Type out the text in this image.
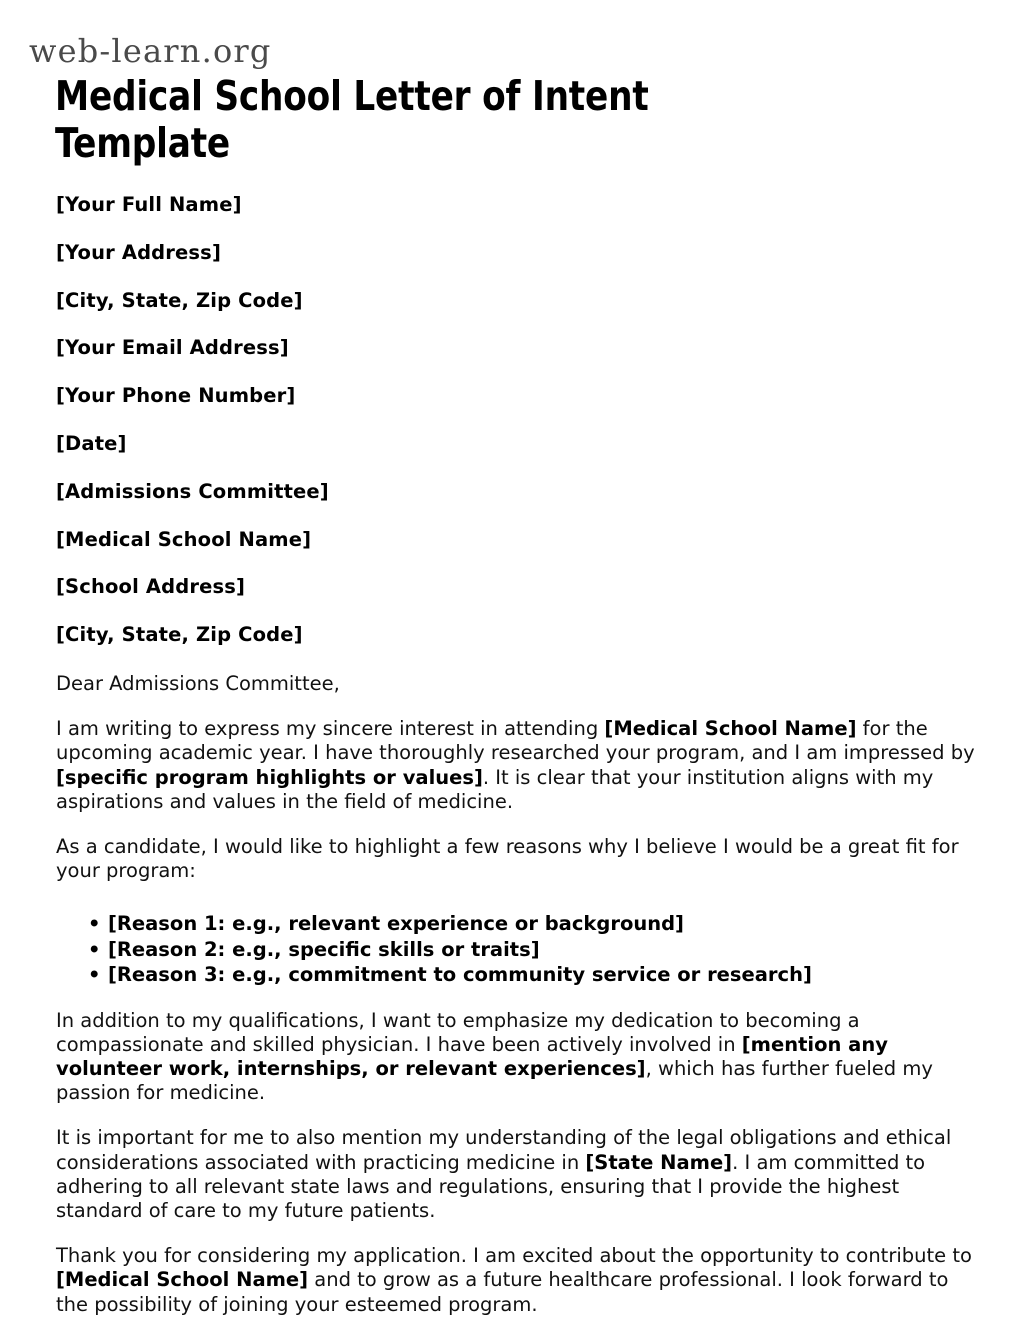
web-learn.org
Medical School Letter of Intent Template

[Your Full Name]

[Your Address]

[City, State, Zip Code]

[Your Email Address]

[Your Phone Number]

[Date]

[Admissions Committee]

[Medical School Name]

[School Address]

[City, State, Zip Code]

Dear Admissions Committee,

I am writing to express my sincere interest in attending [Medical School Name] for the upcoming academic year. I have thoroughly researched your program, and I am impressed by [specific program highlights or values]. It is clear that your institution aligns with my aspirations and values in the field of medicine.

As a candidate, I would like to highlight a few reasons why I believe I would be a great fit for your program:

• [Reason 1: e.g., relevant experience or background]
• [Reason 2: e.g., specific skills or traits]
• [Reason 3: e.g., commitment to community service or research]

In addition to my qualifications, I want to emphasize my dedication to becoming a compassionate and skilled physician. I have been actively involved in [mention any volunteer work, internships, or relevant experiences], which has further fueled my passion for medicine.

It is important for me to also mention my understanding of the legal obligations and ethical considerations associated with practicing medicine in [State Name]. I am committed to adhering to all relevant state laws and regulations, ensuring that I provide the highest standard of care to my future patients.

Thank you for considering my application. I am excited about the opportunity to contribute to [Medical School Name] and to grow as a future healthcare professional. I look forward to the possibility of joining your esteemed program.
